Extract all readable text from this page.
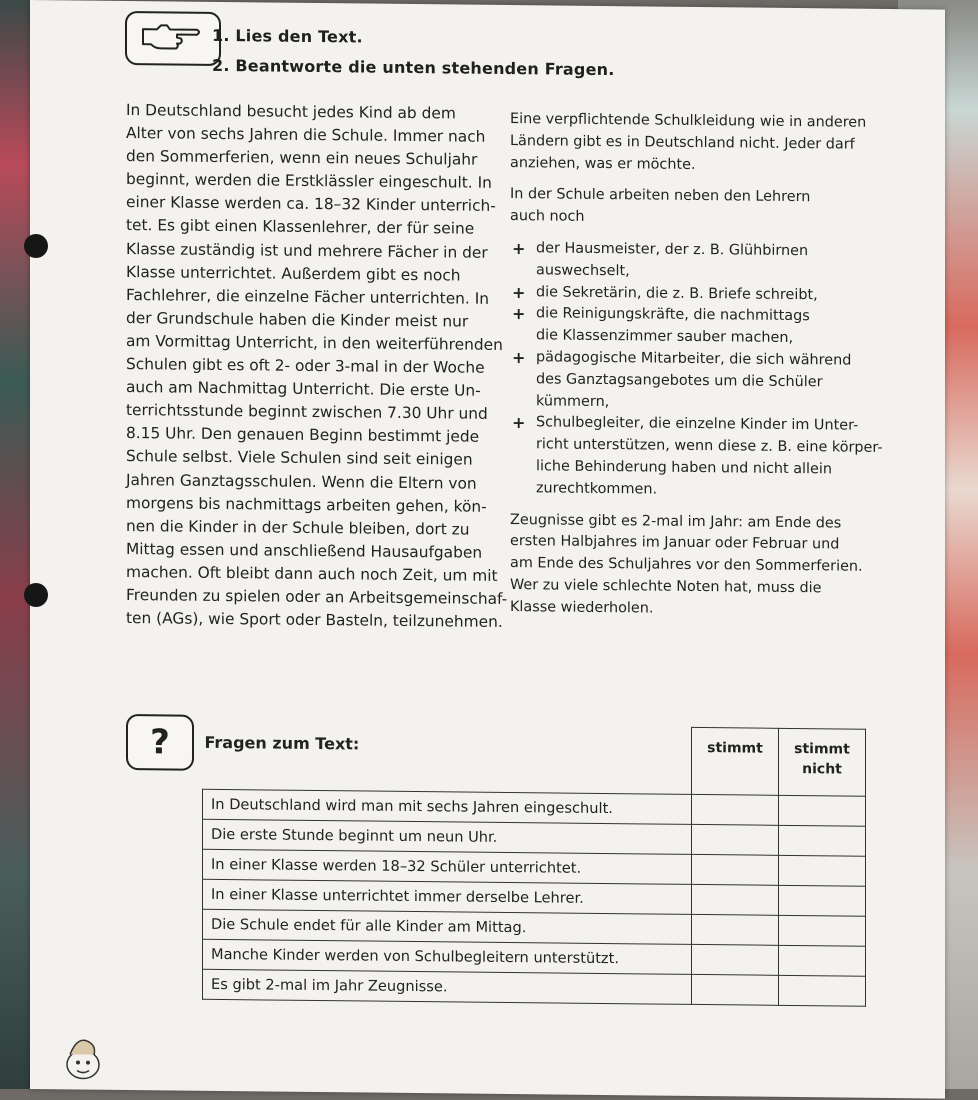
1. Lies den Text.
2. Beantworte die unten stehenden Fragen.
In Deutschland besucht jedes Kind ab dem
Alter von sechs Jahren die Schule. Immer nach
den Sommerferien, wenn ein neues Schuljahr
beginnt, werden die Erstklässler eingeschult. In
einer Klasse werden ca. 18–32 Kinder unterrich-
tet. Es gibt einen Klassenlehrer, der für seine
Klasse zuständig ist und mehrere Fächer in der
Klasse unterrichtet. Außerdem gibt es noch
Fachlehrer, die einzelne Fächer unterrichten. In
der Grundschule haben die Kinder meist nur
am Vormittag Unterricht, in den weiterführenden
Schulen gibt es oft 2- oder 3-mal in der Woche
auch am Nachmittag Unterricht. Die erste Un-
terrichtsstunde beginnt zwischen 7.30 Uhr und
8.15 Uhr. Den genauen Beginn bestimmt jede
Schule selbst. Viele Schulen sind seit einigen
Jahren Ganztagsschulen. Wenn die Eltern von
morgens bis nachmittags arbeiten gehen, kön-
nen die Kinder in der Schule bleiben, dort zu
Mittag essen und anschließend Hausaufgaben
machen. Oft bleibt dann auch noch Zeit, um mit
Freunden zu spielen oder an Arbeitsgemeinschaf-
ten (AGs), wie Sport oder Basteln, teilzunehmen.
Eine verpflichtende Schulkleidung wie in anderen
Ländern gibt es in Deutschland nicht. Jeder darf
anziehen, was er möchte.
In der Schule arbeiten neben den Lehrern
auch noch
+ der Hausmeister, der z. B. Glühbirnen
auswechselt,
+ die Sekretärin, die z. B. Briefe schreibt,
+ die Reinigungskräfte, die nachmittags
die Klassenzimmer sauber machen,
+ pädagogische Mitarbeiter, die sich während
des Ganztagsangebotes um die Schüler
kümmern,
+ Schulbegleiter, die einzelne Kinder im Unter-
richt unterstützen, wenn diese z. B. eine körper-
liche Behinderung haben und nicht allein
zurechtkommen.
Zeugnisse gibt es 2-mal im Jahr: am Ende des
ersten Halbjahres im Januar oder Februar und
am Ende des Schuljahres vor den Sommerferien.
Wer zu viele schlechte Noten hat, muss die
Klasse wiederholen.
?	Fragen zum Text:	stimmt	stimmt nicht
In Deutschland wird man mit sechs Jahren eingeschult.		
Die erste Stunde beginnt um neun Uhr.		
In einer Klasse werden 18–32 Schüler unterrichtet.		
In einer Klasse unterrichtet immer derselbe Lehrer.		
Die Schule endet für alle Kinder am Mittag.		
Manche Kinder werden von Schulbegleitern unterstützt.		
Es gibt 2-mal im Jahr Zeugnisse.		
